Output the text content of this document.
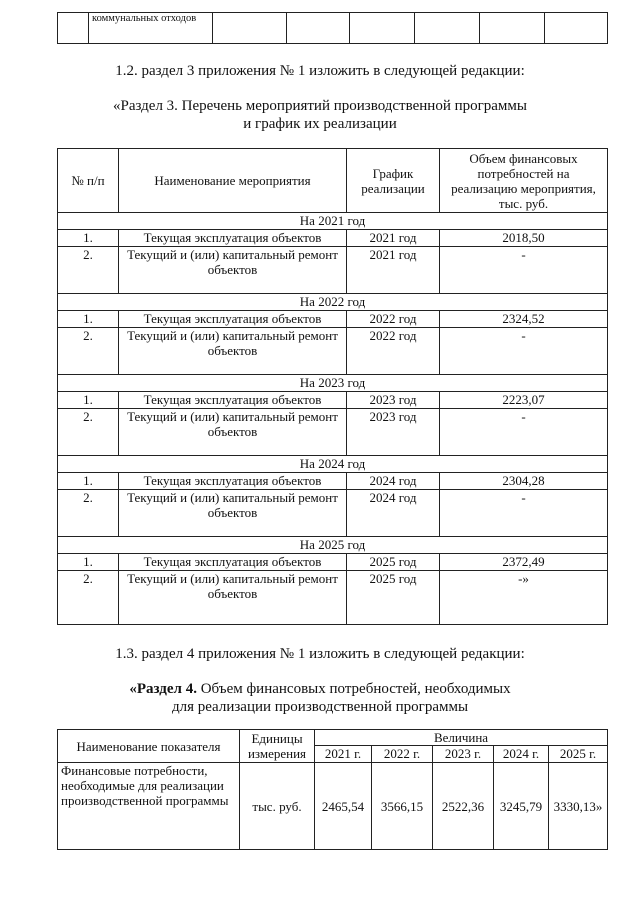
	коммунальных отходов						
1.2. раздел 3 приложения № 1 изложить в следующей редакции:
«Раздел 3. Перечень мероприятий производственной программы
и график их реализации
№ п/п	Наименование мероприятия	График реализации	Объем финансовых потребностей на реализацию мероприятия, тыс. руб.
На 2021 год			
1.	Текущая эксплуатация объектов	2021 год	2018,50
2.	Текущий и (или) капитальный ремонт объектов	2021 год	-
На 2022 год			
1.	Текущая эксплуатация объектов	2022 год	2324,52
2.	Текущий и (или) капитальный ремонт объектов	2022 год	-
На 2023 год			
1.	Текущая эксплуатация объектов	2023 год	2223,07
2.	Текущий и (или) капитальный ремонт объектов	2023 год	-
На 2024 год			
1.	Текущая эксплуатация объектов	2024 год	2304,28
2.	Текущий и (или) капитальный ремонт объектов	2024 год	-
На 2025 год			
1.	Текущая эксплуатация объектов	2025 год	2372,49
2.	Текущий и (или) капитальный ремонт объектов	2025 год	-»
1.3. раздел 4 приложения № 1 изложить в следующей редакции:
«Раздел 4. Объем финансовых потребностей, необходимых
для реализации производственной программы
Наименование показателя	Единицы измерения	Величина				
		2021 г.	2022 г.	2023 г.	2024 г.	2025 г.
Финансовые потребности, необходимые для реализации производственной программы	тыс. руб.	2465,54	3566,15	2522,36	3245,79	3330,13»
